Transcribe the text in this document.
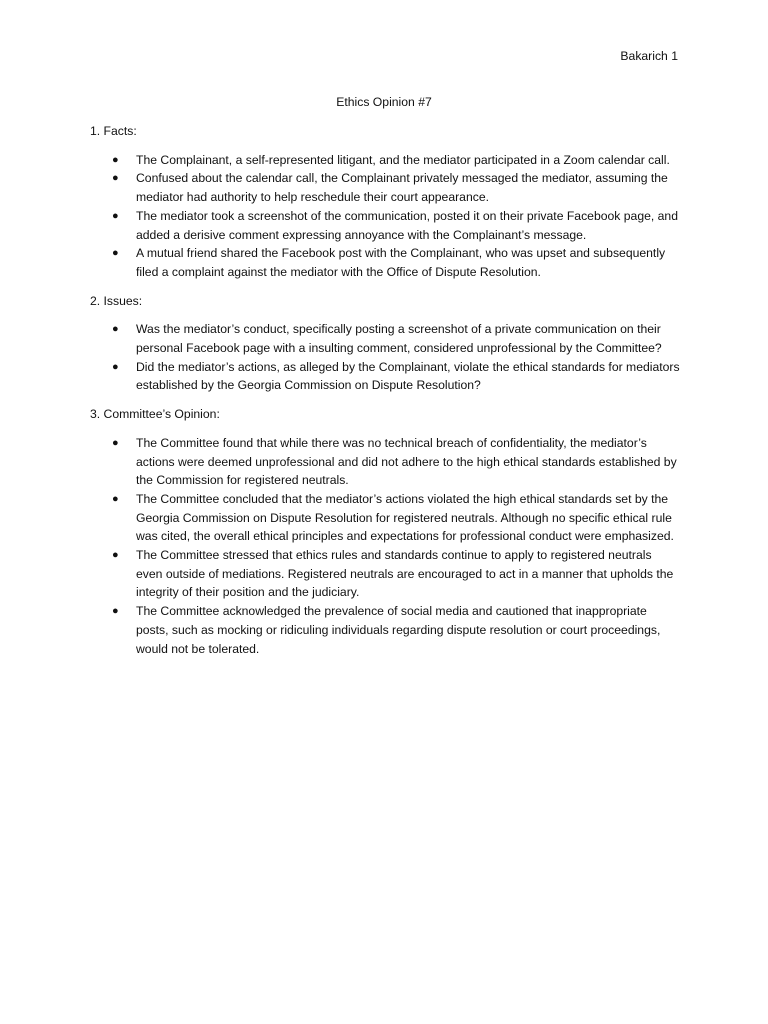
Bakarich 1
Ethics Opinion #7

1. Facts:

● The Complainant, a self-represented litigant, and the mediator participated in a Zoom calendar call.
● Confused about the calendar call, the Complainant privately messaged the mediator, assuming the mediator had authority to help reschedule their court appearance.
● The mediator took a screenshot of the communication, posted it on their private Facebook page, and added a derisive comment expressing annoyance with the Complainant’s message.
● A mutual friend shared the Facebook post with the Complainant, who was upset and subsequently filed a complaint against the mediator with the Office of Dispute Resolution.

2. Issues:

● Was the mediator’s conduct, specifically posting a screenshot of a private communication on their personal Facebook page with a insulting comment, considered unprofessional by the Committee?
● Did the mediator’s actions, as alleged by the Complainant, violate the ethical standards for mediators established by the Georgia Commission on Dispute Resolution?

3. Committee’s Opinion:

● The Committee found that while there was no technical breach of confidentiality, the mediator’s actions were deemed unprofessional and did not adhere to the high ethical standards established by the Commission for registered neutrals.
● The Committee concluded that the mediator’s actions violated the high ethical standards set by the Georgia Commission on Dispute Resolution for registered neutrals. Although no specific ethical rule was cited, the overall ethical principles and expectations for professional conduct were emphasized.
● The Committee stressed that ethics rules and standards continue to apply to registered neutrals even outside of mediations. Registered neutrals are encouraged to act in a manner that upholds the integrity of their position and the judiciary.
● The Committee acknowledged the prevalence of social media and cautioned that inappropriate posts, such as mocking or ridiculing individuals regarding dispute resolution or court proceedings, would not be tolerated.
